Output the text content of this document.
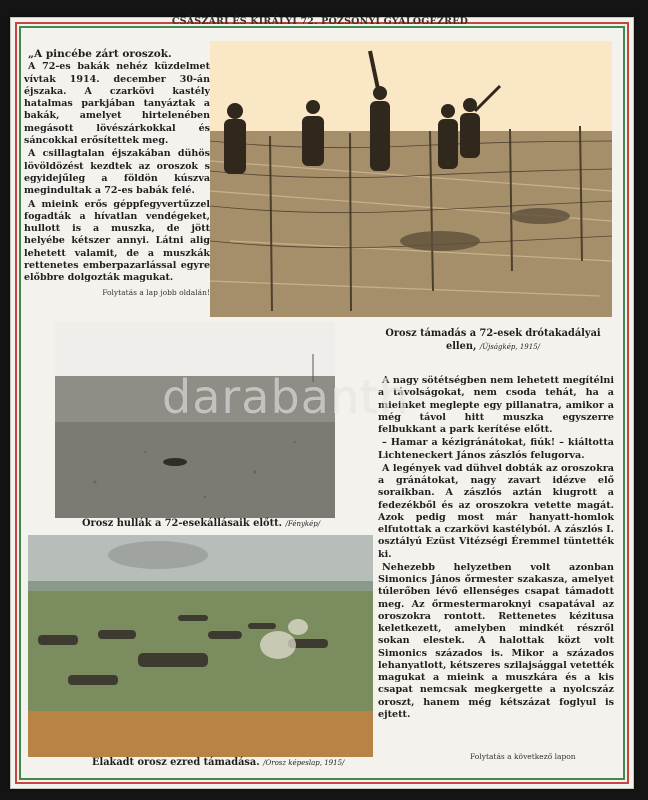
CSÁSZÁRI ÉS KIRÁLYI 72. POZSONYI GYALOGEZRED

„A pincébe zárt oroszok.

A 72-es bakák nehéz küzdelmet vívtak 1914. december 30-án éjszaka. A czarkövi kastély hatalmas parkjában tanyáztak a bakák, amelyet hirtelenében megásott lövészárkokkal és sáncokkal erősítettek meg.

A csillagtalan éjszakában dühös lövöldözést kezdtek az oroszok s egyidejűleg a földön kúszva megindultak a 72-es babák felé.

A mieink erős géppfegyvertűzzel fogadták a hívatlan vendégeket, hullott is a muszka, de jött helyébe kétszer annyi. Látni alig lehetett valamit, de a muszkák rettenetes emberpazarlással egyre előbbre dolgozták magukat.

Folytatás a lap jobb oldalán!
Orosz támadás a 72-esek drótakadályai ellen, /Újságkép, 1915/
Orosz hullák a 72-esekállásaik előtt. /Fénykép/
Elakadt orosz ezred támadása. /Orosz képeslap, 1915/

A nagy sötétségben nem lehetett megítélni a távolságokat, nem csoda tehát, ha a mieinket meglepte egy pillanatra, amikor a még távol hitt muszka egyszerre felbukkant a park kerítése előtt.

– Hamar a kézigránátokat, fiúk! – kiáltotta Lichteneckert János zászlós felugorva.

A legények vad dühvel dobták az oroszokra a gránátokat, nagy zavart idézve elő soraikban. A zászlós aztán kiugrott a fedezékből és az oroszokra vetette magát. Azok pedig most már hanyatt-homlok elfutottak a czarkövi kastélyból. A zászlós I. osztályú Ezüst Vitézségi Éremmel tüntették ki.

Nehezebb helyzetben volt azonban Simonics János őrmester szakasza, amelyet túlerőben lévő ellenséges csapat támadott meg. Az őrmestermaroknyi csapatával az oroszokra rontott. Rettenetes kézitusa keletkezett, amelyben mindkét részről sokan elestek. A halottak közt volt Simonics százados is. Mikor a százados lehanyatlott, kétszeres szilajsággal vetették magukat a mieink a muszkára és a kis csapat nemcsak megkergette a nyolcszáz oroszt, hanem még kétszázat foglyul is ejtett.

Folytatás a következő lapon
darabanth
